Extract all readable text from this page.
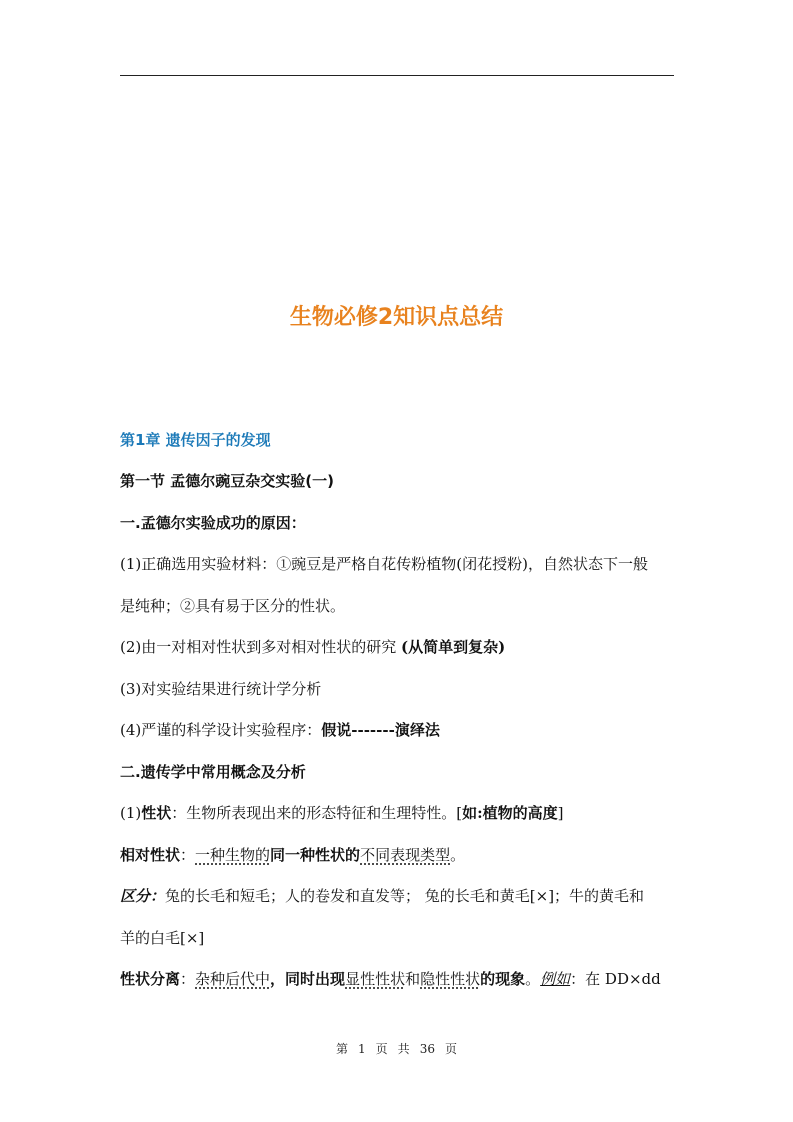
生物必修2知识点总结
第1章 遗传因子的发现
第一节 孟德尔豌豆杂交实验(一)
一.孟德尔实验成功的原因：
(1)正确选用实验材料：①豌豆是严格自花传粉植物(闭花授粉)，自然状态下一般
是纯种；②具有易于区分的性状。
(2)由一对相对性状到多对相对性状的研究 (从简单到复杂)
(3)对实验结果进行统计学分析
(4)严谨的科学设计实验程序：假说-------演绎法
二.遗传学中常用概念及分析
(1)性状：生物所表现出来的形态特征和生理特性。[如:植物的高度]
相对性状：一种生物的同一种性状的不同表现类型。
区分：兔的长毛和短毛；人的卷发和直发等； 兔的长毛和黄毛[×]；牛的黄毛和
羊的白毛[×]
性状分离：杂种后代中，同时出现显性性状和隐性性状的现象。例如：在 DD×dd
第 1 页 共 36 页
